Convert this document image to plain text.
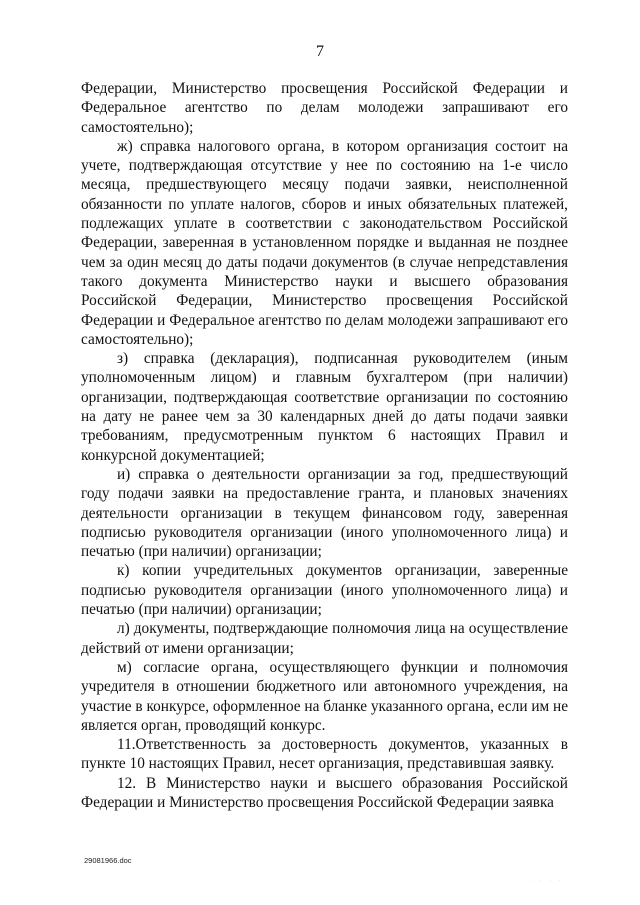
7

Федерации, Министерство просвещения Российской Федерации и Федеральное агентство по делам молодежи запрашивают его самостоятельно);

ж) справка налогового органа, в котором организация состоит на учете, подтверждающая отсутствие у нее по состоянию на 1-е число месяца, предшествующего месяцу подачи заявки, неисполненной обязанности по уплате налогов, сборов и иных обязательных платежей, подлежащих уплате в соответствии с законодательством Российской Федерации, заверенная в установленном порядке и выданная не позднее чем за один месяц до даты подачи документов (в случае непредставления такого документа Министерство науки и высшего образования Российской Федерации, Министерство просвещения Российской Федерации и Федеральное агентство по делам молодежи запрашивают его самостоятельно);

з) справка (декларация), подписанная руководителем (иным уполномоченным лицом) и главным бухгалтером (при наличии) организации, подтверждающая соответствие организации по состоянию на дату не ранее чем за 30 календарных дней до даты подачи заявки требованиям, предусмотренным пунктом 6 настоящих Правил и конкурсной документацией;

и) справка о деятельности организации за год, предшествующий году подачи заявки на предоставление гранта, и плановых значениях деятельности организации в текущем финансовом году, заверенная подписью руководителя организации (иного уполномоченного лица) и печатью (при наличии) организации;

к) копии учредительных документов организации, заверенные подписью руководителя организации (иного уполномоченного лица) и печатью (при наличии) организации;

л) документы, подтверждающие полномочия лица на осуществление действий от имени организации;

м) согласие органа, осуществляющего функции и полномочия учредителя в отношении бюджетного или автономного учреждения, на участие в конкурсе, оформленное на бланке указанного органа, если им не является орган, проводящий конкурс.

11.Ответственность за достоверность документов, указанных в пункте 10 настоящих Правил, несет организация, представившая заявку.

12. В Министерство науки и высшего образования Российской Федерации и Министерство просвещения Российской Федерации заявка

29081966.doc
· · · ·
